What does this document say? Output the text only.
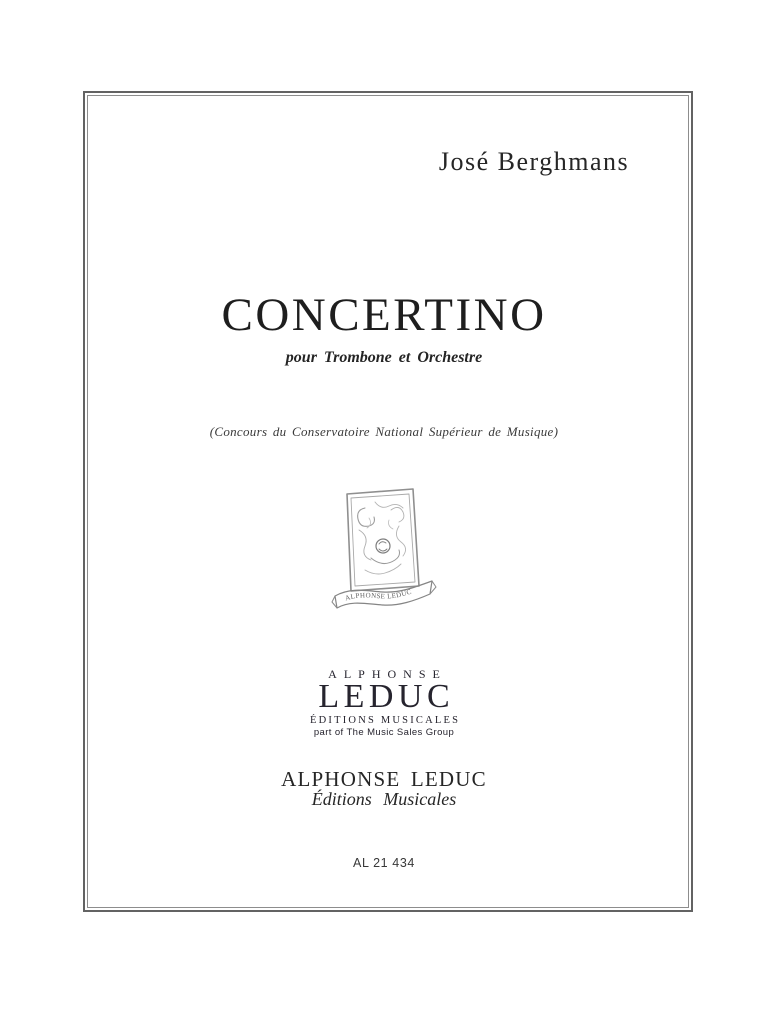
José Berghmans
CONCERTINO
pour Trombone et Orchestre
(Concours du Conservatoire National Supérieur de Musique)
ALPHONSE LEDUC
ALPHONSE
LEDUC
ÉDITIONS MUSICALES
part of The Music Sales Group
ALPHONSE LEDUC
Éditions Musicales
AL 21 434
